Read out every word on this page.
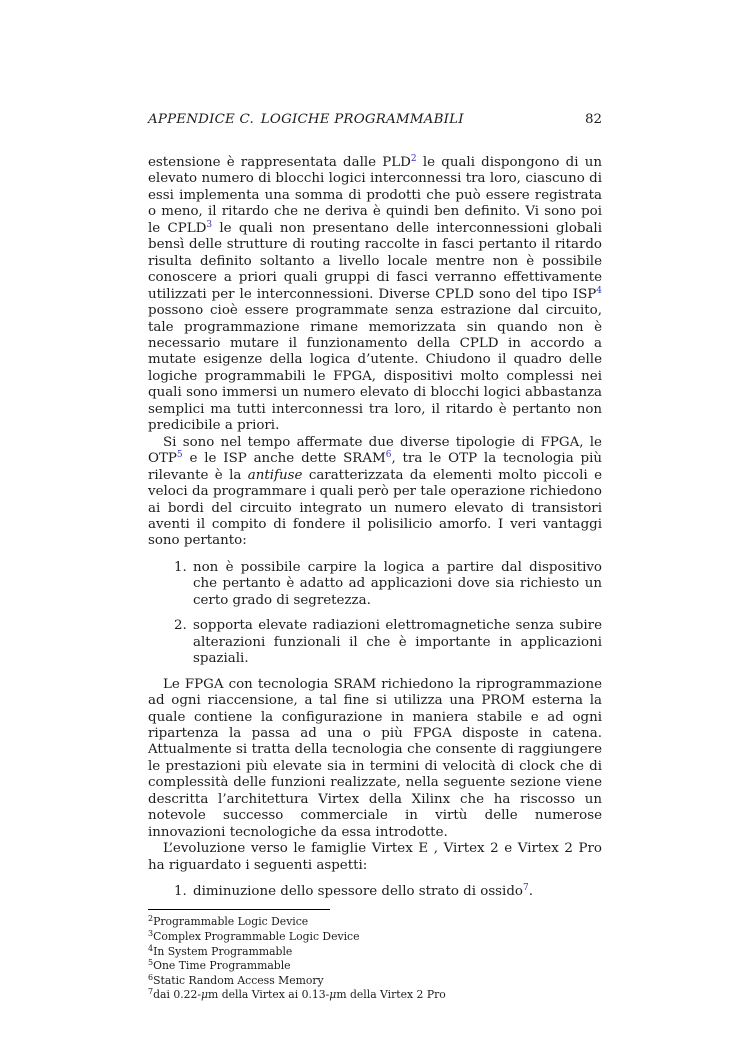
APPENDICE C. LOGICHE PROGRAMMABILI	82

estensione è rappresentata dalle PLD$^2$ le quali dispongono di un elevato numero di blocchi logici interconnessi tra loro, ciascuno di essi implementa una somma di prodotti che può essere registrata o meno, il ritardo che ne deriva è quindi ben definito. Vi sono poi le CPLD$^3$ le quali non presentano delle interconnessioni globali bensì delle strutture di routing raccolte in fasci pertanto il ritardo risulta definito soltanto a livello locale mentre non è possibile conoscere a priori quali gruppi di fasci verranno effettivamente utilizzati per le interconnessioni. Diverse CPLD sono del tipo ISP$^4$ possono cioè essere programmate senza estrazione dal circuito, tale programmazione rimane memorizzata sin quando non è necessario mutare il funzionamento della CPLD in accordo a mutate esigenze della logica d’utente. Chiudono il quadro delle logiche programmabili le FPGA, dispositivi molto complessi nei quali sono immersi un numero elevato di blocchi logici abbastanza semplici ma tutti interconnessi tra loro, il ritardo è pertanto non predicibile a priori.

Si sono nel tempo affermate due diverse tipologie di FPGA, le OTP$^5$ e le ISP anche dette SRAM$^6$, tra le OTP la tecnologia più rilevante è la antifuse caratterizzata da elementi molto piccoli e veloci da programmare i quali però per tale operazione richiedono ai bordi del circuito integrato un numero elevato di transistori aventi il compito di fondere il polisilicio amorfo. I veri vantaggi sono pertanto:

1. non è possibile carpire la logica a partire dal dispositivo che pertanto è adatto ad applicazioni dove sia richiesto un certo grado di segretezza.
2. sopporta elevate radiazioni elettromagnetiche senza subire alterazioni funzionali il che è importante in applicazioni spaziali.

Le FPGA con tecnologia SRAM richiedono la riprogrammazione ad ogni riaccensione, a tal fine si utilizza una PROM esterna la quale contiene la configurazione in maniera stabile e ad ogni ripartenza la passa ad una o più FPGA disposte in catena. Attualmente si tratta della tecnologia che consente di raggiungere le prestazioni più elevate sia in termini di velocità di clock che di complessità delle funzioni realizzate, nella seguente sezione viene descritta l’architettura Virtex della Xilinx che ha riscosso un notevole successo commerciale in virtù delle numerose innovazioni tecnologiche da essa introdotte.

L’evoluzione verso le famiglie Virtex E , Virtex 2 e Virtex 2 Pro ha riguardato i seguenti aspetti:

1. diminuzione dello spessore dello strato di ossido$^7$.

$^2$Programmable Logic Device

$^3$Complex Programmable Logic Device

$^4$In System Programmable

$^5$One Time Programmable

$^6$Static Random Access Memory

$^7$dai 0.22-μm della Virtex ai 0.13-μm della Virtex 2 Pro
